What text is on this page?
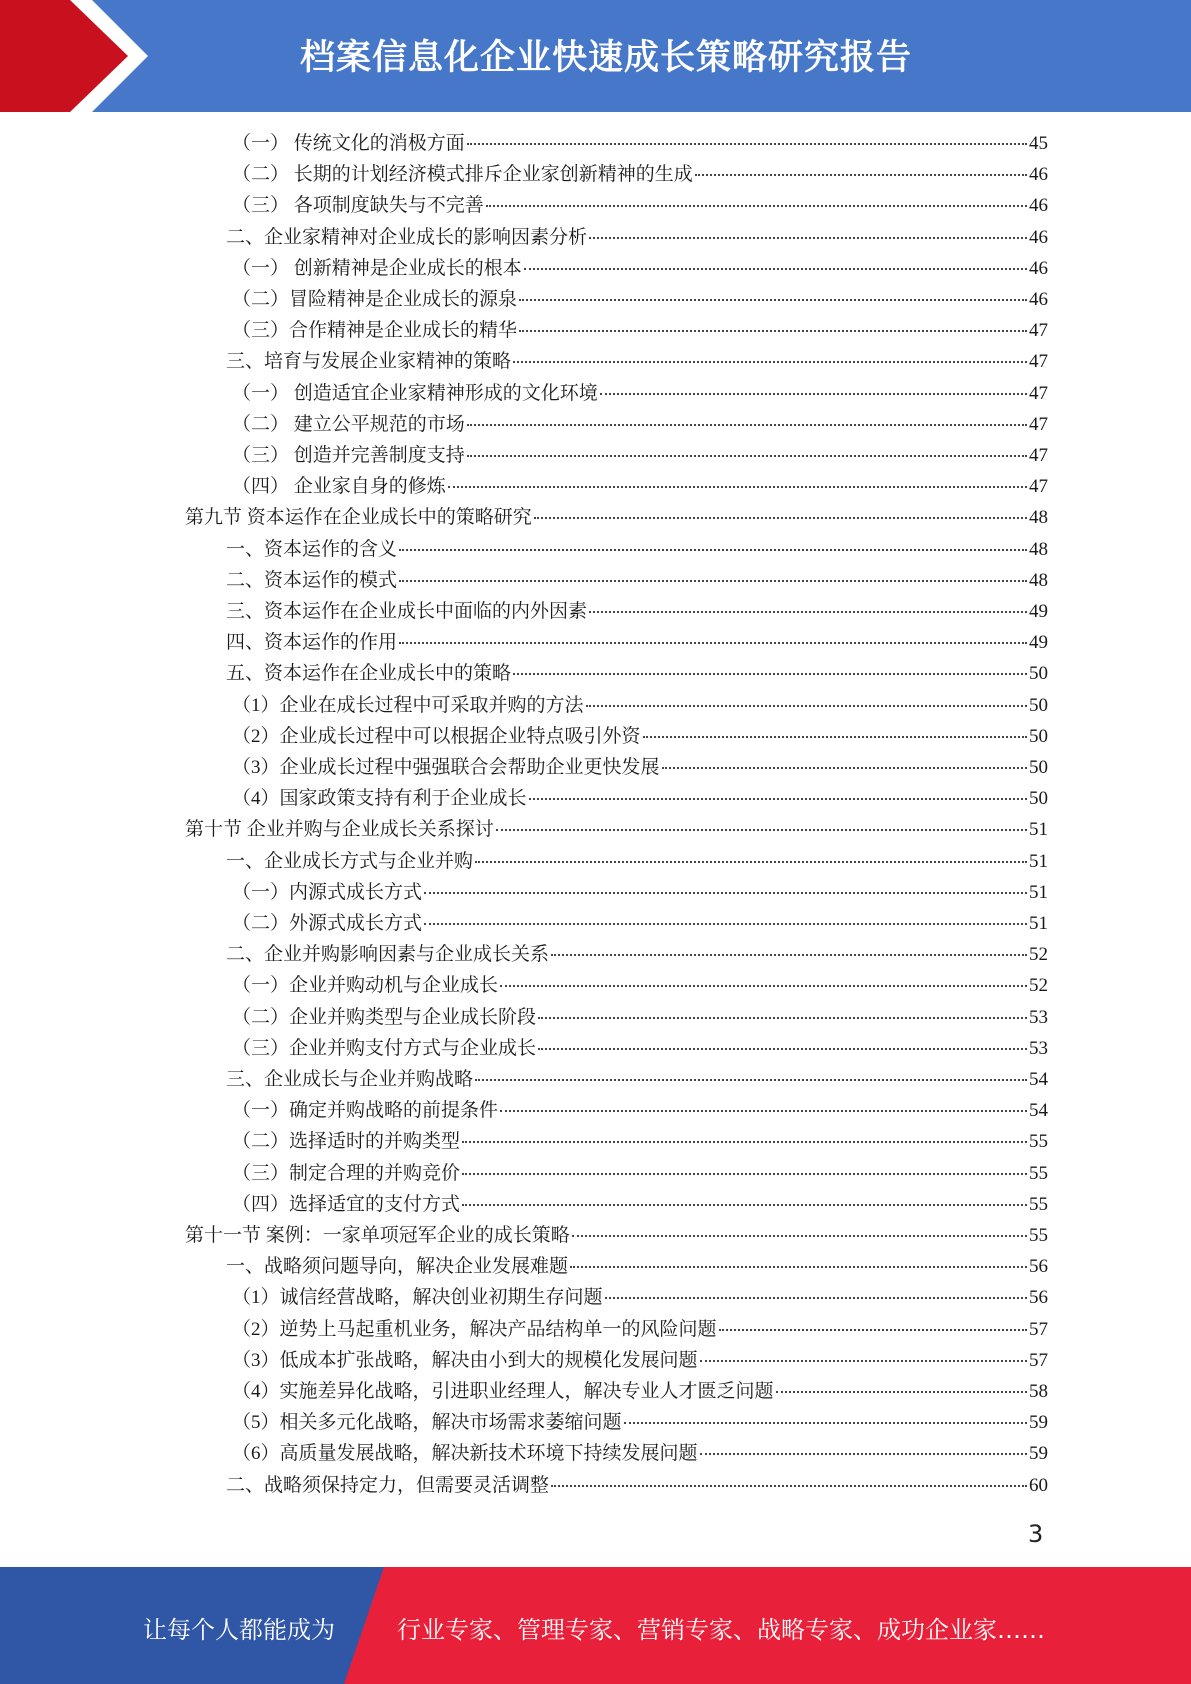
档案信息化企业快速成长策略研究报告
（一） 传统文化的消极方面	45
（二） 长期的计划经济模式排斥企业家创新精神的生成	46
（三） 各项制度缺失与不完善	46
二、企业家精神对企业成长的影响因素分析	46
（一） 创新精神是企业成长的根本	46
（二）冒险精神是企业成长的源泉	46
（三）合作精神是企业成长的精华	47
三、培育与发展企业家精神的策略	47
（一） 创造适宜企业家精神形成的文化环境	47
（二） 建立公平规范的市场	47
（三） 创造并完善制度支持	47
（四） 企业家自身的修炼	47
第九节 资本运作在企业成长中的策略研究	48
一、资本运作的含义	48
二、资本运作的模式	48
三、资本运作在企业成长中面临的内外因素	49
四、资本运作的作用	49
五、资本运作在企业成长中的策略	50
（1）企业在成长过程中可采取并购的方法	50
（2）企业成长过程中可以根据企业特点吸引外资	50
（3）企业成长过程中强强联合会帮助企业更快发展	50
（4）国家政策支持有利于企业成长	50
第十节 企业并购与企业成长关系探讨	51
一、企业成长方式与企业并购	51
（一）内源式成长方式	51
（二）外源式成长方式	51
二、企业并购影响因素与企业成长关系	52
（一）企业并购动机与企业成长	52
（二）企业并购类型与企业成长阶段	53
（三）企业并购支付方式与企业成长	53
三、企业成长与企业并购战略	54
（一）确定并购战略的前提条件	54
（二）选择适时的并购类型	55
（三）制定合理的并购竞价	55
（四）选择适宜的支付方式	55
第十一节 案例：一家单项冠军企业的成长策略	55
一、战略须问题导向，解决企业发展难题	56
（1）诚信经营战略，解决创业初期生存问题	56
（2）逆势上马起重机业务，解决产品结构单一的风险问题	57
（3）低成本扩张战略，解决由小到大的规模化发展问题	57
（4）实施差异化战略，引进职业经理人，解决专业人才匮乏问题	58
（5）相关多元化战略，解决市场需求萎缩问题	59
（6）高质量发展战略，解决新技术环境下持续发展问题	59
二、战略须保持定力，但需要灵活调整	60
3
让每个人都能成为	行业专家、管理专家、营销专家、战略专家、成功企业家……
